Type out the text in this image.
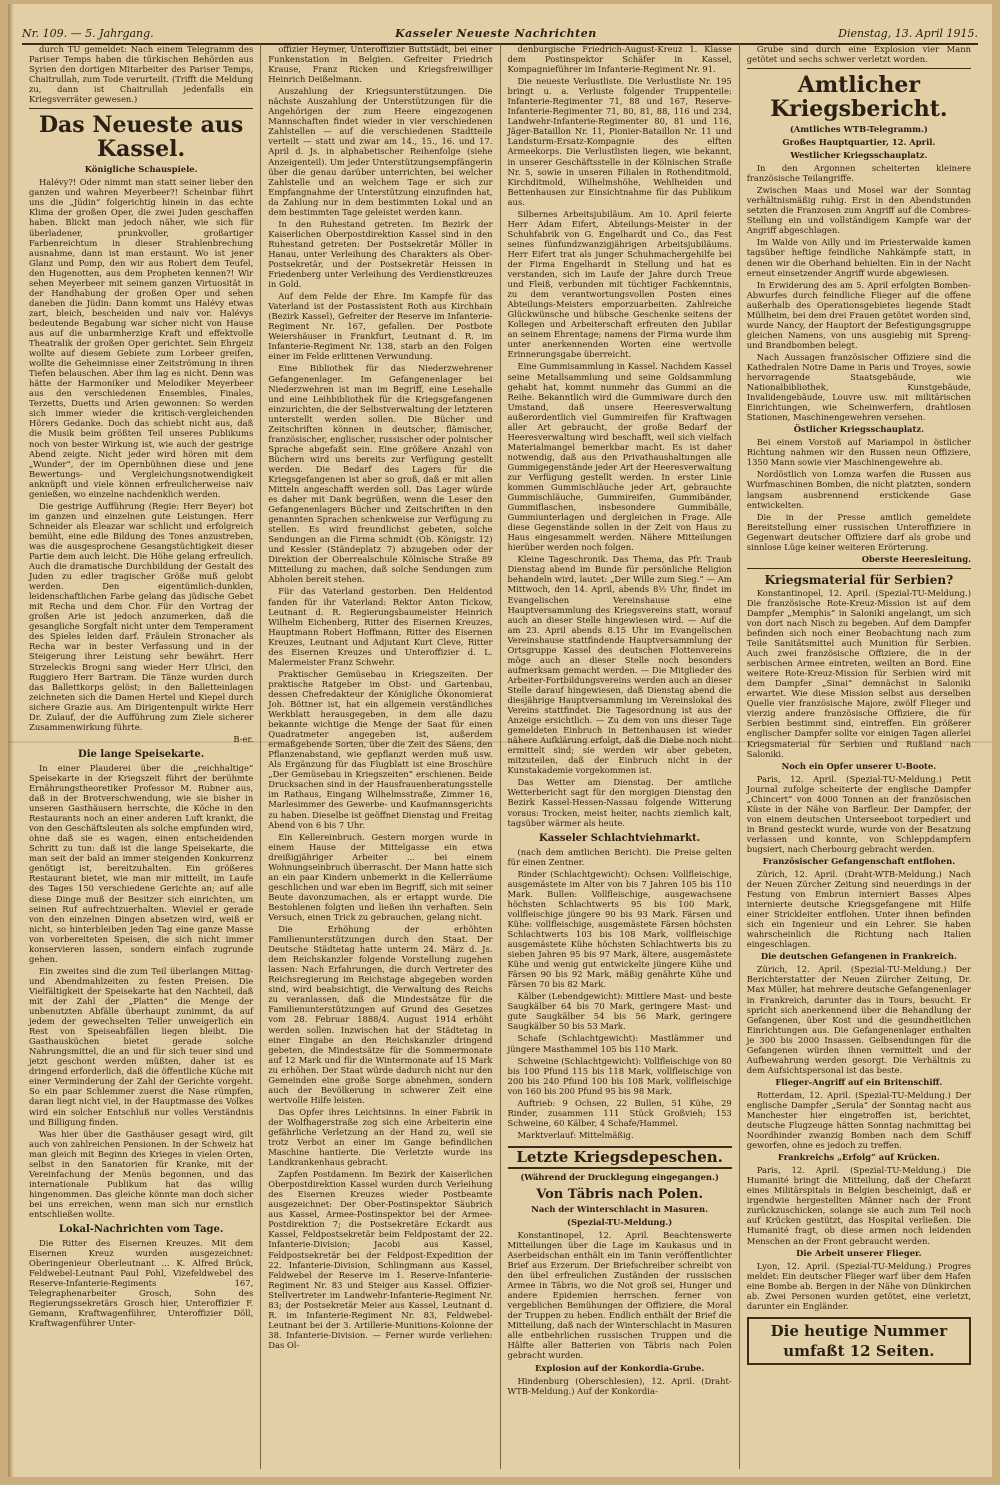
Nr. 109. — 5. Jahrgang.	Kasseler Neueste Nachrichten	Dienstag, 13. April 1915.

durch TU gemeldet: Nach einem Telegramm des Pariser Temps haben die türkischen Behörden aus Syrien den dortigen Mitarbeiter des Pariser Temps, Chaitrullah, zum Tode verurteilt. (Trifft die Meldung zu, dann ist Chaitrullah jedenfalls ein Kriegsverräter gewesen.)

Das Neueste aus Kassel.
Königliche Schauspiele.

Halévy?! Oder nimmt man statt seiner lieber den ganzen und wahren Meyerbeer?! Scheinbar führt uns die „Jüdin“ folgerichtig hinein in das echte Klima der großen Oper, die zwei Juden geschaffen haben. Blickt man jedoch näher, wie sich für überladener, prunkvoller, großartiger Farbenreichtum in dieser Strahlenbrechung ausnahme, dann ist man erstaunt. Wo ist jener Glanz und Pomp, den wir aus Robert dem Teufel, den Hugenotten, aus dem Propheten kennen?! Wir sehen Meyerbeer mit seinem ganzen Virtuosität in der Handhabung der großen Oper und sehen daneben die Jüdin: Dann kommt uns Halévy etwas zart, bleich, bescheiden und naiv vor. Halévys bedeutende Begabung war sicher nicht von Hause aus auf die unbarmherzige Kraft und effektvolle Theatralik der großen Oper gerichtet. Sein Ehrgeiz wollte auf diesem Gebiete zum Lorbeer greifen, wollte die Geheimnisse einer Zeitströmung in ihren Tiefen belauschen. Aber ihm lag es nicht. Denn was hätte der Harmoniker und Melodiker Meyerbeer aus den verschiedenen Ensembles, Finales, Terzetts, Duetts und Arien gewonnen: So werden sich immer wieder die kritisch-vergleichenden Hörers Gedanke. Doch das schiebt nicht aus, daß die Musik beim größten Teil unseres Publikums noch von bester Wirkung ist, wie auch der gestrige Abend zeigte. Nicht jeder wird hören mit dem „Wunder“, der im Opernbühnen diese und jene Bewertungs- und Vergleichungsnotwendigkeit anknüpft und viele können erfreulicherweise naiv genießen, wo einzelne nachdenklich werden.

Die gestrige Aufführung (Regie: Herr Beyer) bot im ganzen und einzelnen gute Leistungen. Herr Schneider als Eleazar war schlicht und erfolgreich bemüht, eine edle Bildung des Tones anzustreben, was die ausgesprochene Gesangstüchtigkeit dieser Partie dem auch leicht. Die Höhe gelang erfreulich. Auch die dramatische Durchbildung der Gestalt des Juden zu edler tragischer Größe muß gelobt werden. Den eigentümlich-dunklen, leidenschaftlichen Farbe gelang das jüdische Gebet mit Recha und dem Chor. Für den Vortrag der großen Arie ist jedoch anzumerken, daß die gesangliche Sorgfalt nicht unter dem Temperament des Spieles leiden darf. Fräulein Stronacher als Recha war in bester Verfassung und in der Steigerung ihrer Leistung sehr bewährt. Herr Strzeleckis Brogni sang wieder Herr Ulrici, den Ruggiero Herr Bartram. Die Tänze wurden durch das Ballettkorps gelöst; in den Balletteinlagen zeichneten sich die Damen Hertel und Kiepel durch sichere Grazie aus. Am Dirigentenpult wirkte Herr Dr. Zulauf, der die Aufführung zum Ziele sicherer Zusammenwirkung führte.

B-er.

Die lange Speisekarte.

In einer Plauderei über die „reichhaltige“ Speisekarte in der Kriegszeit führt der berühmte Ernährungstheoretiker Professor M. Rubner aus, daß in der Brotverschwendung, wie sie bisher in unseren Gasthäusern herrschte, die Köche in den Restaurants noch an einer anderen Luft krankt, die von den Geschäftsleuten als solche empfunden wird, ohne daß sie es wagen, einen entscheidenden Schritt zu tun: daß ist die lange Speisekarte, die man seit der bald an immer steigenden Konkurrenz genötigt ist, bereitzuhalten. Ein größeres Restaurant bietet, wie man mir mitteilt, im Laufe des Tages 150 verschiedene Gerichte an; auf alle diese Dinge muß der Besitzer sich einrichten, um seinen Ruf aufrechtzuerhalten. Wieviel er gerade von den einzelnen Dingen absetzen wird, weiß er nicht, so hinterbleiben jeden Tag eine ganze Masse von vorbereiteten Speisen, die sich nicht immer konservieren lassen, sondern einfach zugrunde gehen.

Ein zweites sind die zum Teil überlangen Mittag- und Abendmahlzeiten zu festen Preisen. Die Vielfältigkeit der Speisekarte hat den Nachteil, daß mit der Zahl der „Platten“ die Menge der unbenutzten Abfälle überhaupt zunimmt, da auf jedem der gewechselten Teller unweigerlich ein Rest von Speiseabfällen liegen bleibt. Die Gasthausküchen bietet gerade solche Nahrungsmittel, die an und für sich teuer sind und jetzt geschont werden müßten, daher ist es dringend erforderlich, daß die öffentliche Küche mit einer Verminderung der Zahl der Gerichte vorgeht. So ein paar Schlemmer zuerst die Nase rümpfen, daran liegt nicht viel, in der Hauptmasse des Volkes wird ein solcher Entschluß nur volles Verständnis und Billigung finden.

Was hier über die Gasthäuser gesagt wird, gilt auch von zahlreichen Pensionen. In der Schweiz hat man gleich mit Beginn des Krieges in vielen Orten, selbst in den Sanatorien für Kranke, mit der Vereinfachung der Menüs begonnen, und das internationale Publikum hat das willig hingenommen. Das gleiche könnte man doch sicher bei uns erreichen, wenn man sich nur ernstlich entschließen wollte.

Lokal-Nachrichten vom Tage.

Die Ritter des Eisernen Kreuzes. Mit dem Eisernen Kreuz wurden ausgezeichnet: Oberingenieur Oberleutnant ... K. Alfred Brück, Feldwebel-Leutnant Paul Pohl, Vizefeldwebel des Reserve-Infanterie-Regiments 167, Telegraphenarbeiter Grosch, Sohn des Regierungssekretärs Grosch hier, Unteroffizier F. Gemann, Kraftwagenführer, Unteroffizier Döll, Kraftwagenführer Unter-

offizier Heymer, Unteroffizier Buttstädt, bei einer Funkenstation in Belgien. Gefreiter Friedrich Krause, Franz Ricken und Kriegsfreiwilliger Heinrich Deißelmann.

Auszahlung der Kriegsunterstützungen. Die nächste Auszahlung der Unterstützungen für die Angehörigen der zum Heere eingezogenen Mannschaften findet wieder in vier verschiedenen Zahlstellen — auf die verschiedenen Stadtteile verteilt — statt und zwar am 14., 15., 16. und 17. April d. Js. in alphabetischer Reihenfolge (siehe Anzeigenteil). Um jeder Unterstützungsempfängerin über die genau darüber unterrichten, bei welcher Zahlstelle und an welchem Tage er sich zur Empfangnahme der Unterstützung einzufinden hat, da Zahlung nur in dem bestimmten Lokal und an dem bestimmten Tage geleistet werden kann.

In den Ruhestand getreten. Im Bezirk der Kaiserlichen Oberpostdirektion Kassel sind in den Ruhestand getreten: Der Postsekretär Möller in Hanau, unter Verleihung des Charakters als Ober-Postsekretär, und der Postsekretär Heissen in Friedenberg unter Verleihung des Verdienstkreuzes in Gold.

Auf dem Felde der Ehre. Im Kampfe für das Vaterland ist der Postassistent Roth aus Kirchhain (Bezirk Kassel), Gefreiter der Reserve im Infanterie-Regiment Nr. 167, gefallen. Der Postbote Weiershäuser in Frankfurt, Leutnant d. R. im Infanterie-Regiment Nr. 138, starb an den Folgen einer im Felde erlittenen Verwundung.

Eine Bibliothek für das Niederzwehrener Gefangenenlager. Im Gefangenenlager bei Niederzwehren ist man im Begriff, eine Lesehalle und eine Leihbibliothek für die Kriegsgefangenen einzurichten, die der Selbstverwaltung der letzteren unterstellt werden sollen. Die Bücher und Zeitschriften können in deutscher, flämischer, französischer, englischer, russischer oder polnischer Sprache abgefaßt sein. Eine größere Anzahl von Büchern wird uns bereits zur Verfügung gestellt werden. Die Bedarf des Lagers für die Kriegsgefangenen ist aber so groß, daß er mit allen Mitteln angeschafft werden soll. Das Lager würde es daher mit Dank begrüßen, wenn die Leser den Gefangenenlagers Bücher und Zeitschriften in den genannten Sprachen schenkweise zur Verfügung zu stellen. Es wird freundlichst gebeten, solche Sendungen an die Firma schmidt (Ob. Königstr. 12) und Kessler (Ständeplatz 7) abzugeben oder der Direktion der Oberrealschule Kölnische Straße 89 Mitteilung zu machen, daß solche Sendungen zum Abholen bereit stehen.

Für das Vaterland gestorben. Den Heldentod fanden für ihr Vaterland: Rektor Anton Tickow, Leutnant d. R. Regierungsbaumeister Heinrich Wilhelm Eichenberg, Ritter des Eisernen Kreuzes, Hauptmann Robert Hoffmann, Ritter des Eisernen Kreuzes, Leutnant und Adjutant Kurt Cleve, Ritter des Eisernen Kreuzes und Unteroffizier d. L. Malermeister Franz Schwehr.

Praktischer Gemüsebau in Kriegszeiten. Der praktische Ratgeber im Obst- und Gartenbau, dessen Chefredakteur der Königliche Ökonomierat Joh. Böttner ist, hat ein allgemein verständliches Werkblatt herausgegeben, in dem alle dazu bekannte wichtige die Menge der Saat für einen Quadratmeter angegeben ist, außerdem ermaßgebende Sorten, über die Zeit des Säens, den Pflanzenabstand, wie gepflanzt werden muß usw. Als Ergänzung für das Flugblatt ist eine Broschüre „Der Gemüsebau in Kriegszeiten“ erschienen. Beide Drucksachen sind in der Hausfrauenberatungsstelle im Rathaus, Eingang Wilhelmsstraße, Zimmer 16, Marlesimmer des Gewerbe- und Kaufmannsgerichts zu haben. Dieselbe ist geöffnet Dienstag und Freitag Abend von 6 bis 7 Uhr.

Ein Kellereinbruch. Gestern morgen wurde in einem Hause der Mittelgasse ein etwa dreißigjähriger Arbeiter ... bei einem Wohnungseinbruch überrascht. Der Mann hatte sich an ein paar Kindern unbemerkt in die Kellerräume geschlichen und war eben im Begriff, sich mit seiner Beute davonzumachen, als er ertappt wurde. Die Bestohlenen folgten und ließen ihn verhaften. Sein Versuch, einen Trick zu gebrauchen, gelang nicht.

Die Erhöhung der erhöhten Familienunterstützungen durch den Staat. Der Deutsche Städtetag hatte unterm 24. März d. Js. dem Reichskanzler folgende Vorstellung zugehen lassen: Nach Erfahrungen, die durch Vertreter des Reichsregierung im Reichstage abgegeben worden sind, wird beabsichtigt, die Verwaltung des Reichs zu veranlassen, daß die Mindestsätze für die Familienunterstützungen auf Grund des Gesetzes vom 28. Februar 1888/4. August 1914 erhöht werden sollen. Inzwischen hat der Städtetag in einer Eingabe an den Reichskanzler dringend gebeten, die Mindestsätze für die Sommermonate auf 12 Mark und für die Wintermonate auf 15 Mark zu erhöhen. Der Staat würde dadurch nicht nur den Gemeinden eine große Sorge abnehmen, sondern auch der Bevölkerung in schwerer Zeit eine wertvolle Hilfe leisten.

Das Opfer ihres Leichtsinns. In einer Fabrik in der Wolfhagerstraße zog sich eine Arbeiterin eine gefährliche Verletzung an der Hand zu, weil sie trotz Verbot an einer im Gange befindlichen Maschine hantierte. Die Verletzte wurde ins Landkrankenhaus gebracht.

Zapfen Postdamenn. Im Bezirk der Kaiserlichen Oberpostdirektion Kassel wurden durch Verleihung des Eisernen Kreuzes wieder Postbeamte ausgezeichnet: Der Ober-Postinspektor Säubrich aus Kassel, Armee-Postinspektor bei der Armee-Postdirektion 7; die Postsekretäre Eckardt aus Kassel, Feldpostsekretär beim Feldpostamt der 22. Infanterie-Division; Jacobi aus Kassel, Feldpostsekretär bei der Feldpost-Expedition der 22. Infanterie-Division, Schlingmann aus Kassel, Feldwebel der Reserve im 1. Reserve-Infanterie-Regiment Nr. 83 und Steiger aus Kassel. Offizier-Stellvertreter im Landwehr-Infanterie-Regiment Nr. 83; der Postsekretär Meier aus Kassel, Leutnant d. R. im Infanterie-Regiment Nr. 83, Feldwebel-Leutnant bei der 3. Artillerie-Munitions-Kolonne der 38. Infanterie-Division. — Ferner wurde verliehen: Das Ol-

denburgische Friedrich-August-Kreuz 1. Klasse dem Postinspektor Schäfer in Kassel, Kompagnieführer im Infanterie-Regiment Nr. 91.

Die neueste Verlustliste. Die Verlustliste Nr. 195 bringt u. a. Verluste folgender Truppenteile: Infanterie-Regimenter 71, 88 und 167, Reserve-Infanterie-Regimenter 71, 80, 81, 88, 116 und 234, Landwehr-Infanterie-Regimenter 80, 81 und 116, Jäger-Bataillon Nr. 11, Pionier-Bataillon Nr. 11 und Landsturm-Ersatz-Kompagnie des elften Armeekorps. Die Verlustlisten liegen, wie bekannt, in unserer Geschäftsstelle in der Kölnischen Straße Nr. 5, sowie in unseren Filialen in Rothenditmold, Kirchditmold, Wilhelmshöhe, Wehlheiden und Bettenhausen zur Einsichtnahme für das Publikum aus.

Silbernes Arbeitsjubiläum. Am 10. April feierte Herr Adam Eifert, Abteilungs-Meister in der Schuhfabrik von G. Engelhardt und Co., das Fest seines fünfundzwanzigjährigen Arbeitsjubiläums. Herr Eifert trat als junger Schuhmachergehilfe bei der Firma Engelhardt in Stellung und hat es verstanden, sich im Laufe der Jahre durch Treue und Fleiß, verbunden mit tüchtiger Fachkenntnis, zu dem verantwortungsvollen Posten eines Abteilungs-Meisters emporzuarbeiten. Zahlreiche Glückwünsche und hübsche Geschenke seitens der Kollegen und Arbeiterschaft erfreuten den Jubilar an seinem Ehrentage; namens der Firma wurde ihm unter anerkennenden Worten eine wertvolle Erinnerungsgabe überreicht.

Eine Gummisammlung in Kassel. Nachdem Kassel seine Metallsammlung und seine Goldsammlung gehabt hat, kommt nunmehr das Gummi an die Reihe. Bekanntlich wird die Gummiware durch den Umstand, daß unsere Heeresverwaltung außerordentlich viel Gummireifen für Kraftwagen aller Art gebraucht, der große Bedarf der Heeresverwaltung wird beschafft, weil sich vielfach Materialmangel bemerkbar macht. Es ist daher notwendig, daß aus den Privathaushaltungen alle Gummigegenstände jeder Art der Heeresverwaltung zur Verfügung gestellt werden. In erster Linie kommen Gummischläuche jeder Art, gebrauchte Gummischläuche, Gummireifen, Gummibänder, Gummiflaschen, insbesondere Gummibälle, Gummiunterlagen und dergleichen in Frage. Alle diese Gegenstände sollen in der Zeit von Haus zu Haus eingesammelt werden. Nähere Mitteilungen hierüber werden noch folgen.

Kleine Tageschronik. Das Thema, das Pfr. Traub Dienstag abend im Bunde für persönliche Religion behandeln wird, lautet: „Der Wille zum Sieg.“ — Am Mittwoch, den 14. April, abends 8½ Uhr, findet im Evangelischen Vereinshause eine Hauptversammlung des Kriegsvereins statt, worauf auch an dieser Stelle hingewiesen wird. — Auf die am 23. April abends 8.15 Uhr im Evangelischen Vereinshause stattfindende Hauptversammlung der Ortsgruppe Kassel des deutschen Flottenvereins möge auch an dieser Stelle noch besonders aufmerksam gemacht werden. — Die Mitglieder des Arbeiter-Fortbildungsvereins werden auch an dieser Stelle darauf hingewiesen, daß Dienstag abend die diesjährige Hauptversammlung im Vereinslokal des Vereins stattfindet. Die Tagesordnung ist aus der Anzeige ersichtlich. — Zu dem von uns dieser Tage gemeldeten Einbruch in Bettenhausen ist wieder nähere Aufklärung erfolgt, daß die Diebe noch nicht ermittelt sind; sie werden wir aber gebeten, mitzuteilen, daß der Einbruch nicht in der Kunstakademie vorgekommen ist.

Das Wetter am Dienstag. Der amtliche Wetterbericht sagt für den morgigen Dienstag den Bezirk Kassel-Hessen-Nassau folgende Witterung voraus: Trocken, meist heiter, nachts ziemlich kalt, tagsüber wärmer als heute.

Kasseler Schlachtviehmarkt.

(nach dem amtlichen Bericht). Die Preise gelten für einen Zentner.

Rinder (Schlachtgewicht): Ochsen: Vollfleischige, ausgemästete im Alter von bis 7 Jahren 105 bis 110 Mark. Bullen: Vollfleischige, ausgewachsene höchsten Schlachtwerts 95 bis 100 Mark, vollfleischige jüngere 90 bis 93 Mark. Färsen und Kühe: vollfleischige, ausgemästete Färsen höchsten Schlachtwerts 103 bis 108 Mark, vollfleischige ausgemästete Kühe höchsten Schlachtwerts bis zu sieben Jahren 95 bis 97 Mark, ältere, ausgemästete Kühe und wenig gut entwickelte jüngere Kühe und Färsen 90 bis 92 Mark, mäßig genährte Kühe und Färsen 70 bis 82 Mark.

Kälber (Lebendgewicht): Mittlere Mast- und beste Saugkälber 64 bis 70 Mark, geringere Mast- und gute Saugkälber 54 bis 56 Mark, geringere Saugkälber 50 bis 53 Mark.

Schafe (Schlachtgewicht): Mastlämmer und jüngere Masthammel 105 bis 110 Mark.

Schweine (Schlachtgewicht): Vollfleischige von 80 bis 100 Pfund 115 bis 118 Mark, vollfleischige von 200 bis 240 Pfund 100 bis 108 Mark, vollfleischige von 160 bis 200 Pfund 95 bis 98 Mark.

Auftrieb: 9 Ochsen, 22 Bullen, 51 Kühe, 29 Rinder, zusammen 111 Stück Großvieh; 153 Schweine, 60 Kälber, 4 Schafe/Hammel.

Marktverlauf: Mittelmäßig.

Letzte Kriegsdepeschen.
(Während der Drucklegung eingegangen.)
Von Täbris nach Polen.
Nach der Winterschlacht in Masuren.
(Spezial-TU-Meldung.)

Konstantinopel, 12. April. Beachtenswerte Mitteilungen über die Lage im Kaukasus und in Aserbeidschan enthält ein im Tanin veröffentlichter Brief aus Erzerum. Der Briefschreiber schreibt von den übel erfreulichen Zuständen der russischen Armee in Täbris, wo die Not groß sei, Hunger und andere Epidemien herrschen. ferner von vergeblichen Bemühungen der Offiziere, die Moral der Truppen zu heben. Endlich enthält der Brief die Mitteilung, daß nach der Winterschlacht in Masuren alle entbehrlichen russischen Truppen und die Hälfte aller Batterien von Täbris nach Polen gebracht wurden.

Explosion auf der Konkordia-Grube.

Hindenburg (Oberschlesien), 12. April. (Draht-WTB-Meldung.) Auf der Konkordia-

Grube sind durch eine Explosion vier Mann getötet und sechs schwer verletzt worden.

Amtlicher Kriegsbericht.
(Amtliches WTB-Telegramm.)
Großes Hauptquartier, 12. April.
Westlicher Kriegsschauplatz.

In den Argonnen scheiterten kleinere französische Teilangriffe.

Zwischen Maas und Mosel war der Sonntag verhältnismäßig ruhig. Erst in den Abendstunden setzten die Franzosen zum Angriff auf die Combres-Stellung ein und vollständigem Kampfe war der Angriff abgeschlagen.

Im Walde von Ailly und im Priesterwalde kamen tagsüber heftige feindliche Nahkämpfe statt, in denen wir die Oberhand behielten. Ein in der Nacht erneut einsetzender Angriff wurde abgewiesen.

In Erwiderung des am 5. April erfolgten Bomben-Abwurfes durch feindliche Flieger auf die offene außerhalb des Operationsgebietes liegende Stadt Müllheim, bei dem drei Frauen getötet worden sind, wurde Nancy, der Hauptort der Befestigungsgruppe gleichen Namens, von uns ausgiebig mit Spreng- und Brandbomben belegt.

Nach Aussagen französischer Offiziere sind die Kathedralen Notre Dame in Paris und Troyes, sowie hervorragende Staatsgebäude, wie Nationalbibliothek, Kunstgebäude, Invalidengebäude, Louvre usw. mit militärischen Einrichtungen, wie Scheinwerfern, drahtlosen Stationen, Maschinengewehren versehen.

Östlicher Kriegsschauplatz.

Bei einem Vorstoß auf Mariampol in östlicher Richtung nahmen wir den Russen neun Offiziere, 1350 Mann sowie vier Maschinengewehre ab.

Nordöstlich von Lomza warfen die Russen aus Wurfmaschinen Bomben, die nicht platzten, sondern langsam ausbrennend erstickende Gase entwickelten.

Die in der Presse amtlich gemeldete Bereitstellung einer russischen Unteroffiziere in Gegenwart deutscher Offiziere darf als grobe und sinnlose Lüge keiner weiteren Erörterung.

Oberste Heeresleitung.

Kriegsmaterial für Serbien?

Konstantinopel, 12. April. (Spezial-TU-Meldung.) Die französische Rote-Kreuz-Mission ist auf dem Dampfer „Memphis“ in Saloniki angelangt, um sich von dort nach Nisch zu begeben. Auf dem Dampfer befinden sich noch einer Beobachtung nach zum Teile Sanitätsmittel auch Munition für Serbien. Auch zwei französische Offiziere, die in der serbischen Armee eintreten, weilten an Bord. Eine weitere Rote-Kreuz-Mission für Serbien wird mit dem Dampfer „Sinai“ demnächst in Saloniki erwartet. Wie diese Mission selbst aus derselben Quelle vier französische Majore, zwölf Flieger und vierzig andere französische Offiziere, die für Serbien bestimmt sind, eintreffen. Ein größerer englischer Dampfer sollte vor einigen Tagen allerlei Kriegsmaterial für Serbien und Rußland nach Saloniki.

Noch ein Opfer unserer U-Boote.

Paris, 12. April. (Spezial-TU-Meldung.) Petit Journal zufolge scheiterte der englische Dampfer „Chincert“ von 4000 Tonnen an der französischen Küste in der Nähe von Barfleur. Der Dampfer, der von einem deutschen Unterseeboot torpediert und in Brand gesteckt wurde, wurde von der Besatzung verlassen und konnte, von Schleppdampfern bugsiert, nach Cherbourg gebracht werden.

Französischer Gefangenschaft entflohen.

Zürich, 12. April. (Draht-WTB-Meldung.) Nach der Neuen Zürcher Zeitung sind neuerdings in der Festung von Embrun interniert Basses Alpes internierte deutsche Kriegsgefangene mit Hilfe einer Strickleiter entflohen. Unter ihnen befinden sich ein Ingenieur und ein Lehrer. Sie haben wahrscheinlich die Richtung nach Italien eingeschlagen.

Die deutschen Gefangenen in Frankreich.

Zürich, 12. April. (Spezial-TU-Meldung.) Der Berichterstatter der Neuen Zürcher Zeitung, Dr. Max Müller, hat mehrere deutsche Gefangenenlager in Frankreich, darunter das in Tours, besucht. Er spricht sich anerkennend über die Behandlung der Gefangenen, über Kost und die gesundheitlichen Einrichtungen aus. Die Gefangenenlager enthalten je 300 bis 2000 Insassen. Gelbsendungen für die Gefangenen würden ihnen vermittelt und der Aufbewahrung werden gesorgt. Die Verhältnis zu dem Aufsichtspersonal ist das beste.

Flieger-Angriff auf ein Britenschiff.

Rotterdam, 12. April. (Spezial-TU-Meldung.) Der englische Dampfer „Serula“ der Sonntag nacht aus Manchester hier eingetroffen ist, berichtet, deutsche Flugzeuge hätten Sonntag nachmittag bei Noordhinder zwanzig Bomben nach dem Schiff geworfen, ohne es jedoch zu treffen.

Frankreichs „Erfolg“ auf Krücken.

Paris, 12. April. (Spezial-TU-Meldung.) Die Humanité bringt die Mitteilung, daß der Chefarzt eines Militärspitals in Belgien bescheinigt, daß er irgendwie hergestellten Männer nach der Front zurückzuschicken, solange sie auch zum Teil noch auf Krücken gestützt, das Hospital verließen. Die Humanité fragt, ob diese armen noch leidenden Menschen an der Front gebraucht werden.

Die Arbeit unserer Flieger.

Lyon, 12. April. (Spezial-TU-Meldung.) Progres meldet: Ein deutscher Flieger warf über dem Hafen eine Bombe ab. Bergen in der Nähe von Dünkirchen ab. Zwei Personen wurden getötet, eine verletzt, darunter ein Engländer.

Die heutige Nummer umfaßt 12 Seiten.
